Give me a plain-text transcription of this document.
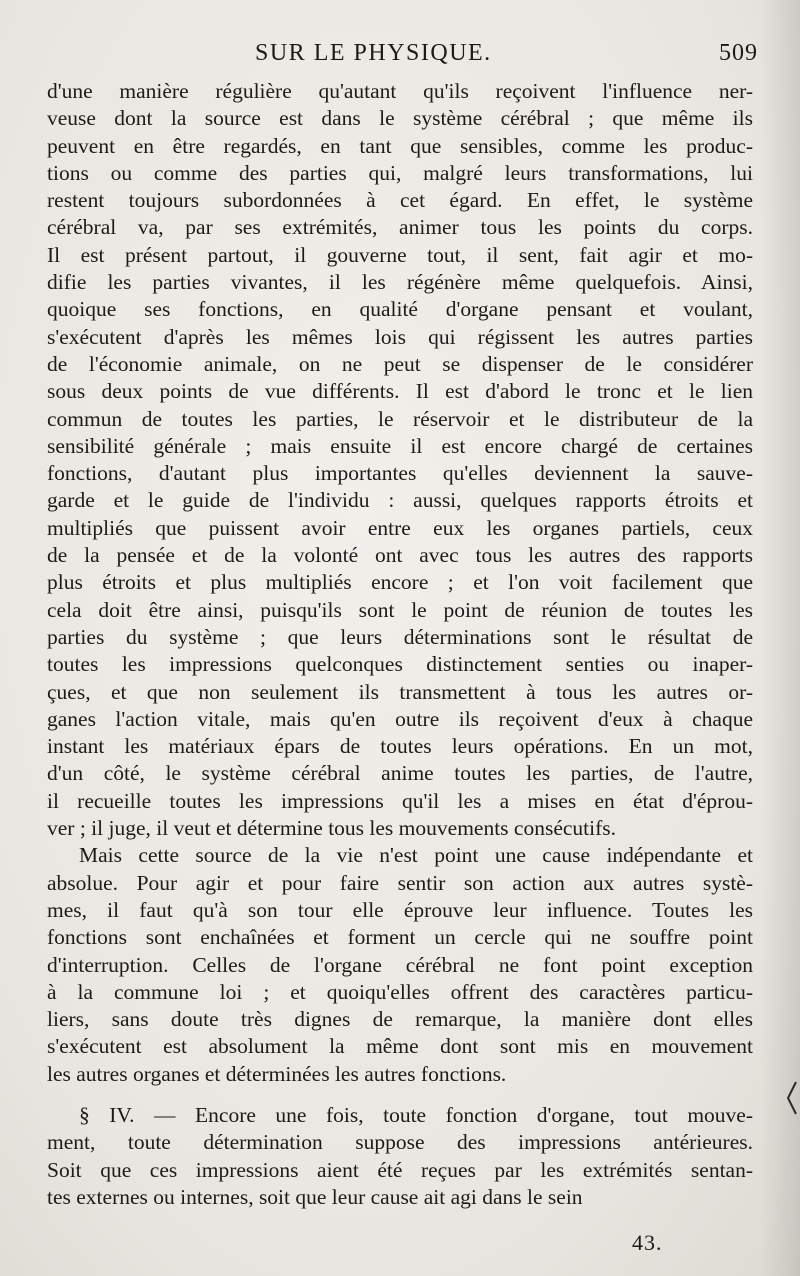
SUR LE PHYSIQUE.	509
d'une manière régulière qu'autant qu'ils reçoivent l'influence ner-
veuse dont la source est dans le système cérébral ; que même ils
peuvent en être regardés, en tant que sensibles, comme les produc-
tions ou comme des parties qui, malgré leurs transformations, lui
restent toujours subordonnées à cet égard. En effet, le système
cérébral va, par ses extrémités, animer tous les points du corps.
Il est présent partout, il gouverne tout, il sent, fait agir et mo-
difie les parties vivantes, il les régénère même quelquefois. Ainsi,
quoique ses fonctions, en qualité d'organe pensant et voulant,
s'exécutent d'après les mêmes lois qui régissent les autres parties
de l'économie animale, on ne peut se dispenser de le considérer
sous deux points de vue différents. Il est d'abord le tronc et le lien
commun de toutes les parties, le réservoir et le distributeur de la
sensibilité générale ; mais ensuite il est encore chargé de certaines
fonctions, d'autant plus importantes qu'elles deviennent la sauve-
garde et le guide de l'individu : aussi, quelques rapports étroits et
multipliés que puissent avoir entre eux les organes partiels, ceux
de la pensée et de la volonté ont avec tous les autres des rapports
plus étroits et plus multipliés encore ; et l'on voit facilement que
cela doit être ainsi, puisqu'ils sont le point de réunion de toutes les
parties du système ; que leurs déterminations sont le résultat de
toutes les impressions quelconques distinctement senties ou inaper-
çues, et que non seulement ils transmettent à tous les autres or-
ganes l'action vitale, mais qu'en outre ils reçoivent d'eux à chaque
instant les matériaux épars de toutes leurs opérations. En un mot,
d'un côté, le système cérébral anime toutes les parties, de l'autre,
il recueille toutes les impressions qu'il les a mises en état d'éprou-
ver ; il juge, il veut et détermine tous les mouvements consécutifs.
Mais cette source de la vie n'est point une cause indépendante et
absolue. Pour agir et pour faire sentir son action aux autres systè-
mes, il faut qu'à son tour elle éprouve leur influence. Toutes les
fonctions sont enchaînées et forment un cercle qui ne souffre point
d'interruption. Celles de l'organe cérébral ne font point exception
à la commune loi ; et quoiqu'elles offrent des caractères particu-
liers, sans doute très dignes de remarque, la manière dont elles
s'exécutent est absolument la même dont sont mis en mouvement
les autres organes et déterminées les autres fonctions.
§ IV. — Encore une fois, toute fonction d'organe, tout mouve-
ment, toute détermination suppose des impressions antérieures.
Soit que ces impressions aient été reçues par les extrémités sentan-
tes externes ou internes, soit que leur cause ait agi dans le sein
43.
